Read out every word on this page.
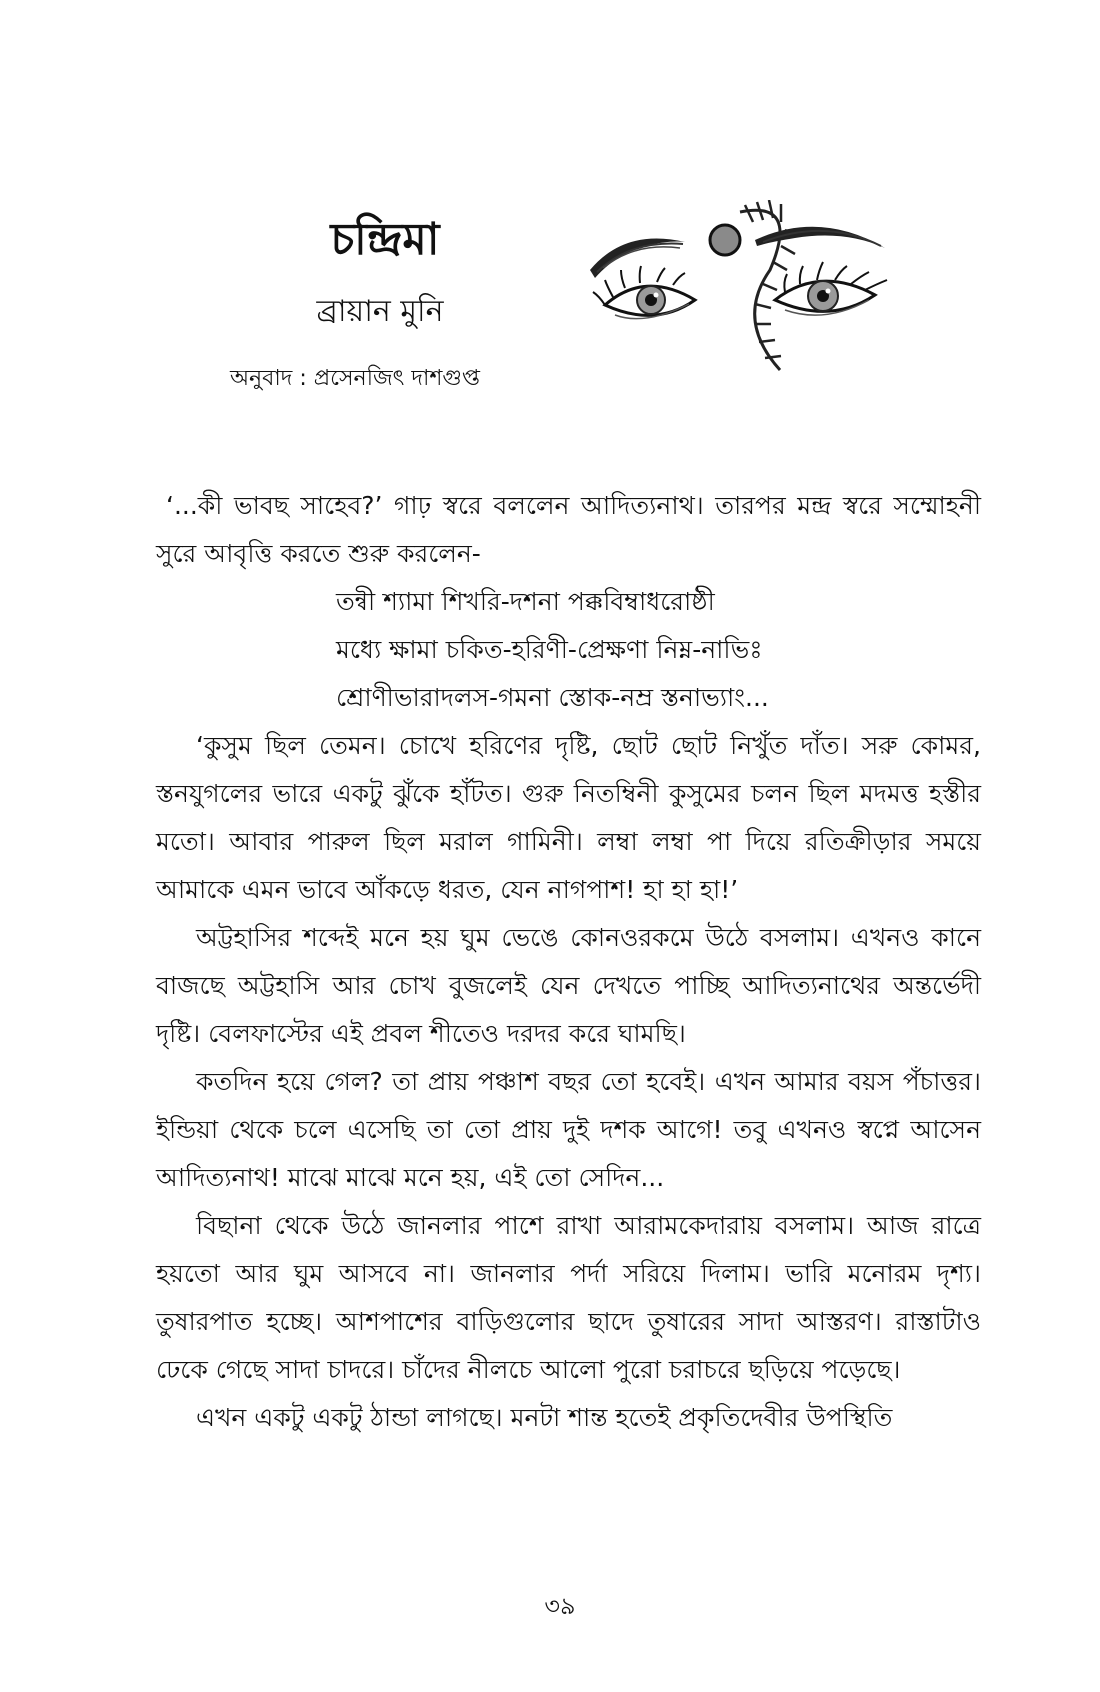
চন্দ্রিমা
ব্রায়ান মুনি
অনুবাদ : প্রসেনজিৎ দাশগুপ্ত

‘...কী ভাবছ সাহেব?’ গাঢ় স্বরে বললেন আদিত্যনাথ। তারপর মন্দ্র স্বরে সম্মোহনী সুরে আবৃত্তি করতে শুরু করলেন-

তন্বী শ্যামা শিখরি-দশনা পক্কবিম্বাধরোষ্ঠী

মধ্যে ক্ষামা চকিত-হরিণী-প্রেক্ষণা নিম্ন-নাভিঃ

শ্রোণীভারাদলস-গমনা স্তোক-নম্র স্তনাভ্যাং...

‘কুসুম ছিল তেমন। চোখে হরিণের দৃষ্টি, ছোট ছোট নিখুঁত দাঁত। সরু কোমর, স্তনযুগলের ভারে একটু ঝুঁকে হাঁটত। গুরু নিতম্বিনী কুসুমের চলন ছিল মদমত্ত হস্তীর মতো। আবার পারুল ছিল মরাল গামিনী। লম্বা লম্বা পা দিয়ে রতিক্রীড়ার সময়ে আমাকে এমন ভাবে আঁকড়ে ধরত, যেন নাগপাশ! হা হা হা!’

অট্টহাসির শব্দেই মনে হয় ঘুম ভেঙে কোনওরকমে উঠে বসলাম। এখনও কানে বাজছে অট্টহাসি আর চোখ বুজলেই যেন দেখতে পাচ্ছি আদিত্যনাথের অন্তর্ভেদী দৃষ্টি। বেলফাস্টের এই প্রবল শীতেও দরদর করে ঘামছি।

কতদিন হয়ে গেল? তা প্রায় পঞ্চাশ বছর তো হবেই। এখন আমার বয়স পঁচাত্তর। ইন্ডিয়া থেকে চলে এসেছি তা তো প্রায় দুই দশক আগে! তবু এখনও স্বপ্নে আসেন আদিত্যনাথ! মাঝে মাঝে মনে হয়, এই তো সেদিন...

বিছানা থেকে উঠে জানলার পাশে রাখা আরামকেদারায় বসলাম। আজ রাত্রে হয়তো আর ঘুম আসবে না। জানলার পর্দা সরিয়ে দিলাম। ভারি মনোরম দৃশ্য। তুষারপাত হচ্ছে। আশপাশের বাড়িগুলোর ছাদে তুষারের সাদা আস্তরণ। রাস্তাটাও ঢেকে গেছে সাদা চাদরে। চাঁদের নীলচে আলো পুরো চরাচরে ছড়িয়ে পড়েছে।

এখন একটু একটু ঠান্ডা লাগছে। মনটা শান্ত হতেই প্রকৃতিদেবীর উপস্থিতি

৩৯
